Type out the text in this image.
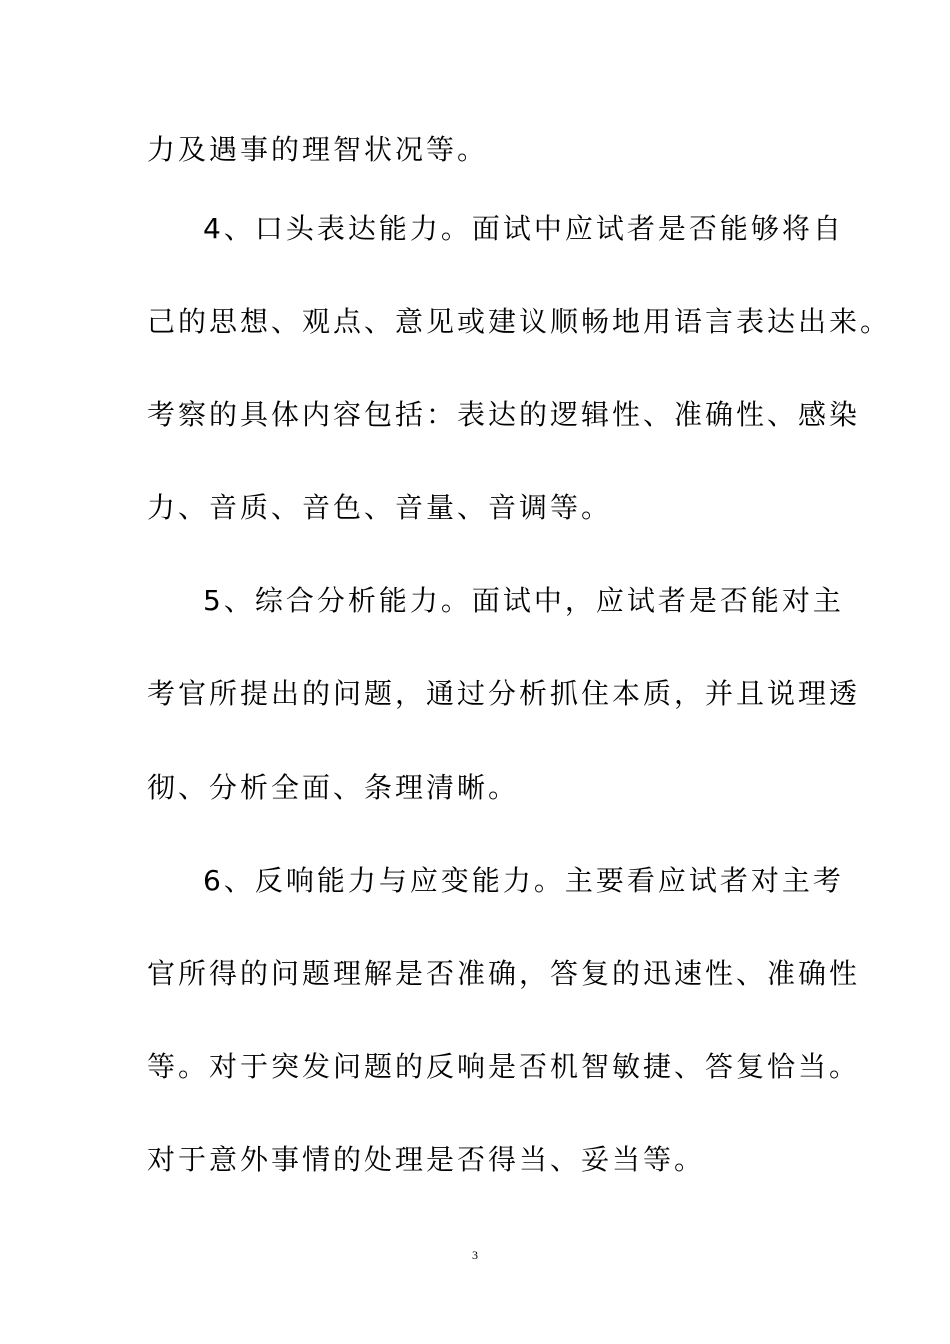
力及遇事的理智状况等。
4、口头表达能力。面试中应试者是否能够将自
己的思想、观点、意见或建议顺畅地用语言表达出来。
考察的具体内容包括：表达的逻辑性、准确性、感染
力、音质、音色、音量、音调等。
5、综合分析能力。面试中，应试者是否能对主
考官所提出的问题，通过分析抓住本质，并且说理透
彻、分析全面、条理清晰。
6、反响能力与应变能力。主要看应试者对主考
官所得的问题理解是否准确，答复的迅速性、准确性
等。对于突发问题的反响是否机智敏捷、答复恰当。
对于意外事情的处理是否得当、妥当等。
3
